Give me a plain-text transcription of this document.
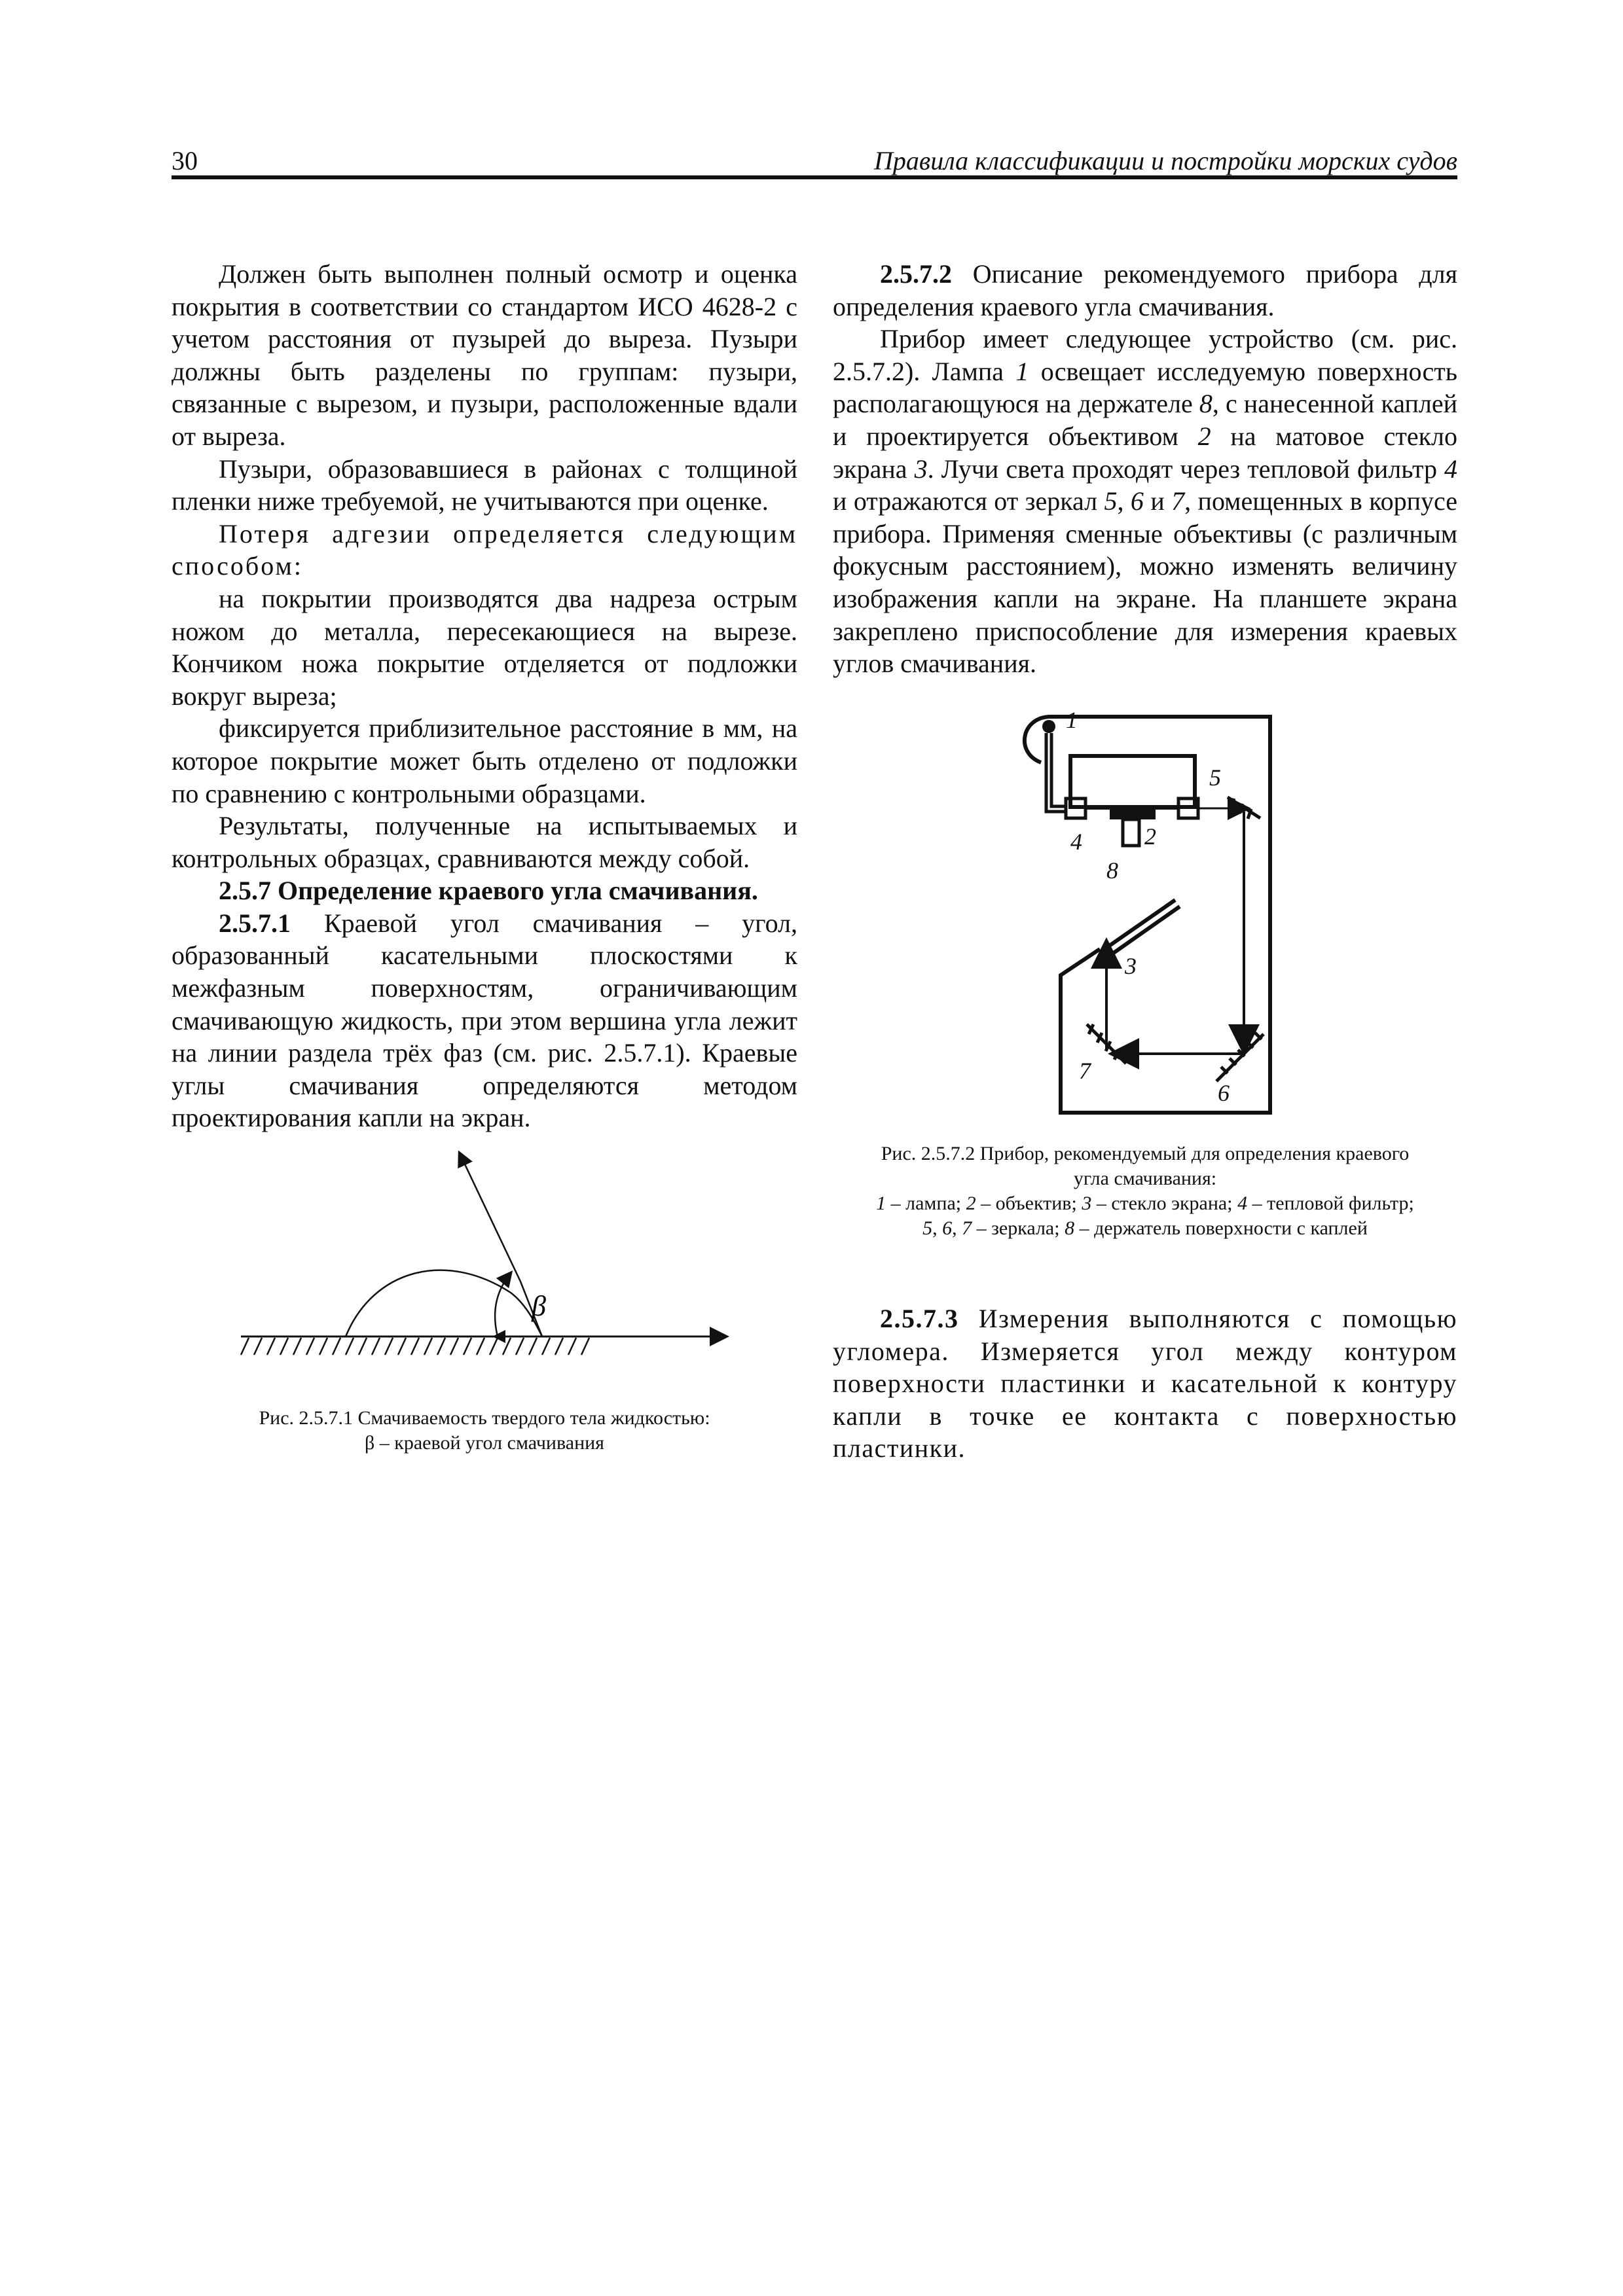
30	Правила классификации и постройки морских судов

Должен быть выполнен полный осмотр и оценка покрытия в соответствии со стандартом ИСО 4628-2 с учетом расстояния от пузырей до выреза. Пузыри должны быть разделены по группам: пузыри, связанные с вырезом, и пузыри, расположенные вдали от выреза.

Пузыри, образовавшиеся в районах с толщиной пленки ниже требуемой, не учитываются при оценке.

Потеря адгезии определяется следующим способом:

на покрытии производятся два надреза острым ножом до металла, пересекающиеся на вырезе. Кончиком ножа покрытие отделяется от подложки вокруг выреза;

фиксируется приблизительное расстояние в мм, на которое покрытие может быть отделено от подложки по сравнению с контрольными образцами.

Результаты, полученные на испытываемых и контрольных образцах, сравниваются между собой.

2.5.7 Определение краевого угла смачивания.

2.5.7.1 Краевой угол смачивания – угол, образованный касательными плоскостями к межфазным поверхностям, ограничивающим смачивающую жидкость, при этом вершина угла лежит на линии раздела трёх фаз (см. рис. 2.5.7.1). Краевые углы смачивания определяются методом проектирования капли на экран.

β
Рис. 2.5.7.1 Смачиваемость твердого тела жидкостью:
β – краевой угол смачивания

2.5.7.2 Описание рекомендуемого прибора для определения краевого угла смачивания.

Прибор имеет следующее устройство (см. рис. 2.5.7.2). Лампа 1 освещает исследуемую поверхность располагающуюся на держателе 8, с нанесенной каплей и проектируется объективом 2 на матовое стекло экрана 3. Лучи света проходят через тепловой фильтр 4 и отражаются от зеркал 5, 6 и 7, помещенных в корпусе прибора. Применяя сменные объективы (с различным фокусным расстоянием), можно изменять величину изображения капли на экране. На планшете экрана закреплено приспособление для измерения краевых углов смачивания.

1
2
3
4
5
6
7
8
Рис. 2.5.7.2 Прибор, рекомендуемый для определения краевого
угла смачивания:
1 – лампа; 2 – объектив; 3 – стекло экрана; 4 – тепловой фильтр;
5, 6, 7 – зеркала; 8 – держатель поверхности с каплей

2.5.7.3 Измерения выполняются с помощью угломера. Измеряется угол между контуром поверхности пластинки и касательной к контуру капли в точке ее контакта с поверхностью пластинки.
